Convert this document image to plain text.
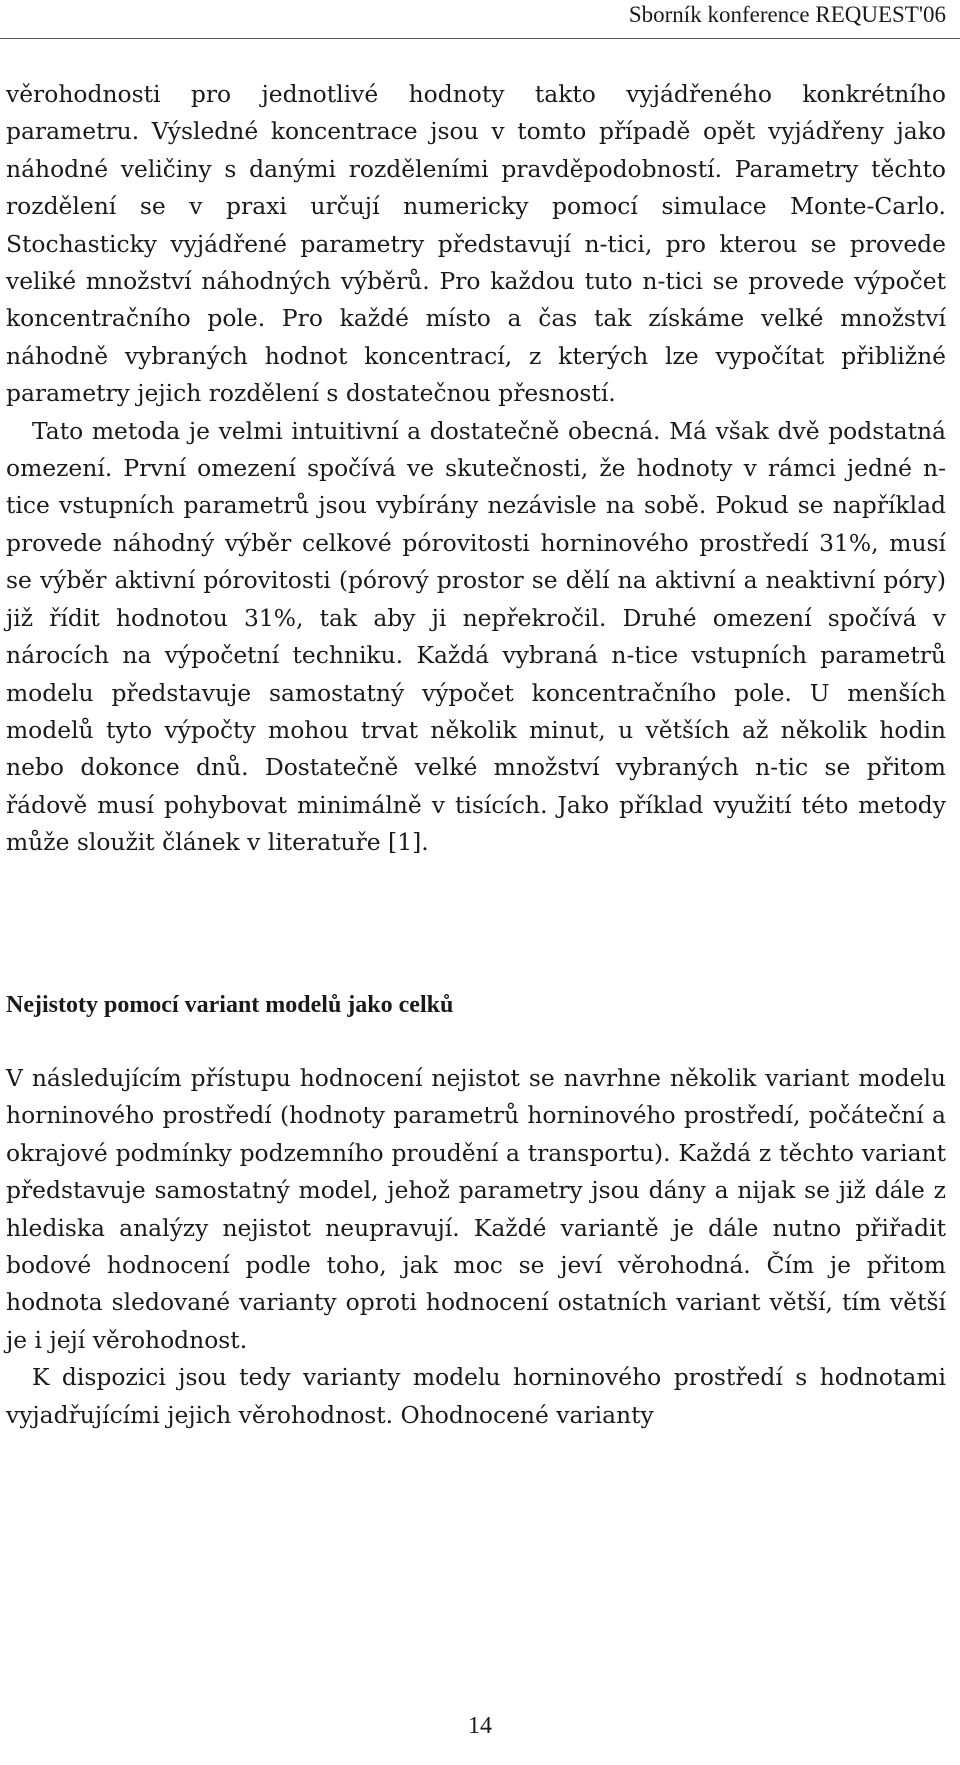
Sborník konference REQUEST'06

věrohodnosti pro jednotlivé hodnoty takto vyjádřeného konkrétního parametru. Výsledné koncentrace jsou v tomto případě opět vyjádřeny jako náhodné veličiny s danými rozděleními pravděpodobností. Parametry těchto rozdělení se v praxi určují numericky pomocí simulace Monte-Carlo. Stochasticky vyjádřené parametry představují n-tici, pro kterou se provede veliké množství náhodných výběrů. Pro každou tuto n-tici se provede výpočet koncentračního pole. Pro každé místo a čas tak získáme velké množství náhodně vybraných hodnot koncentrací, z kterých lze vypočítat přibližné parametry jejich rozdělení s dostatečnou přesností.

Tato metoda je velmi intuitivní a dostatečně obecná. Má však dvě podstatná omezení. První omezení spočívá ve skutečnosti, že hodnoty v rámci jedné n-tice vstupních parametrů jsou vybírány nezávisle na sobě. Pokud se například provede náhodný výběr celkové pórovitosti horninového prostředí 31%, musí se výběr aktivní pórovitosti (pórový prostor se dělí na aktivní a neaktivní póry) již řídit hodnotou 31%, tak aby ji nepřekročil. Druhé omezení spočívá v nárocích na výpočetní techniku. Každá vybraná n-tice vstupních parametrů modelu představuje samostatný výpočet koncentračního pole. U menších modelů tyto výpočty mohou trvat několik minut, u větších až několik hodin nebo dokonce dnů. Dostatečně velké množství vybraných n-tic se přitom řádově musí pohybovat minimálně v tisících. Jako příklad využití této metody může sloužit článek v literatuře [1].

Nejistoty pomocí variant modelů jako celků

V následujícím přístupu hodnocení nejistot se navrhne několik variant modelu horninového prostředí (hodnoty parametrů horninového prostředí, počáteční a okrajové podmínky podzemního proudění a transportu). Každá z těchto variant představuje samostatný model, jehož parametry jsou dány a nijak se již dále z hlediska analýzy nejistot neupravují. Každé variantě je dále nutno přiřadit bodové hodnocení podle toho, jak moc se jeví věrohodná. Čím je přitom hodnota sledované varianty oproti hodnocení ostatních variant větší, tím větší je i její věrohodnost.

K dispozici jsou tedy varianty modelu horninového prostředí s hodnotami vyjadřujícími jejich věrohodnost. Ohodnocené varianty

14
